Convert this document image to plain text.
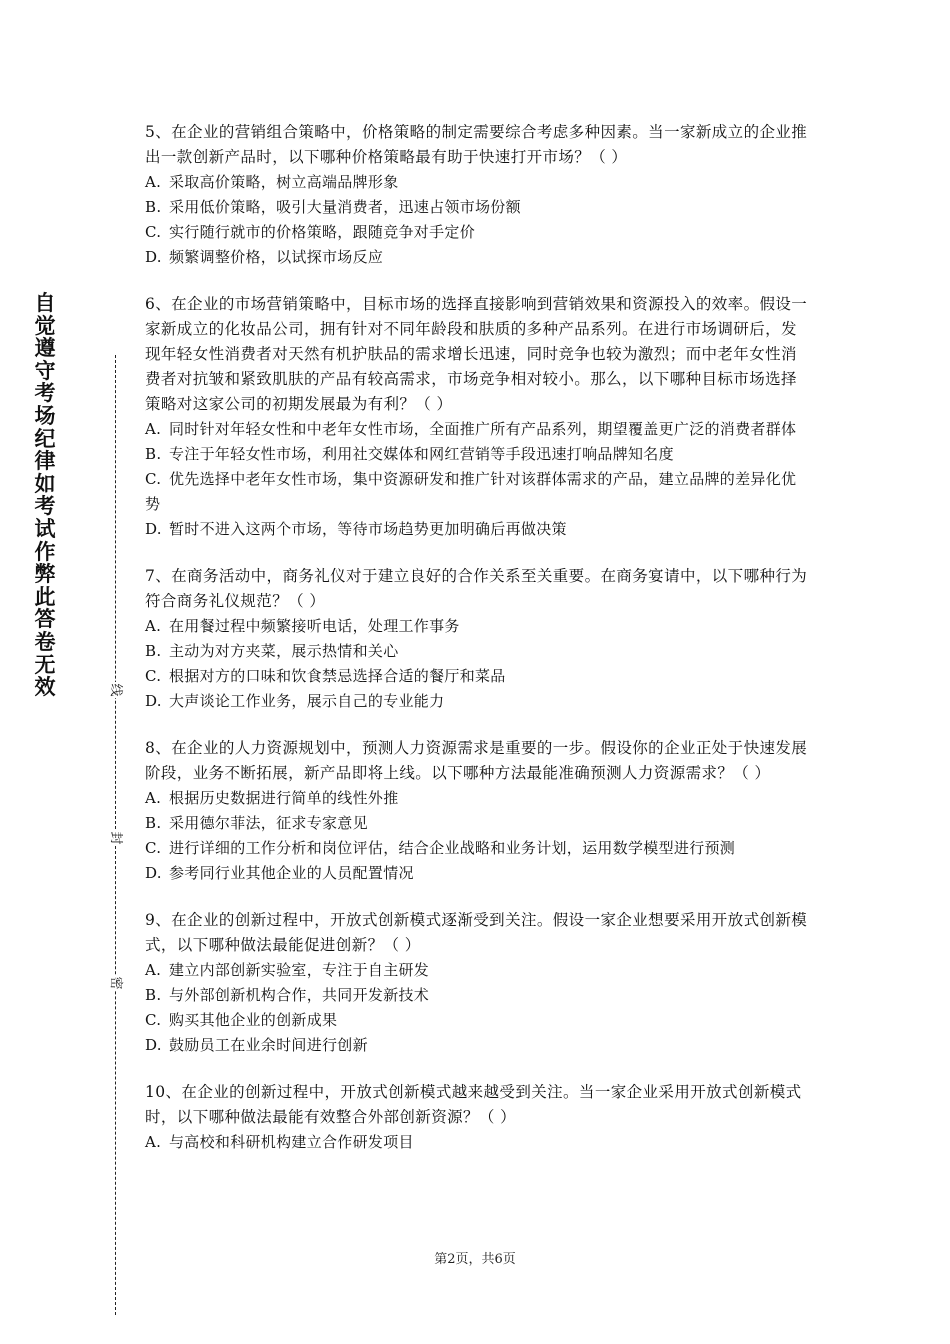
自觉遵守考场纪律如考试作弊此答卷无效	线
封
密

5、在企业的营销组合策略中，价格策略的制定需要综合考虑多种因素。当一家新成立的企业推出一款创新产品时，以下哪种价格策略最有助于快速打开市场？（ ）

A. 采取高价策略，树立高端品牌形象

B. 采用低价策略，吸引大量消费者，迅速占领市场份额

C. 实行随行就市的价格策略，跟随竞争对手定价

D. 频繁调整价格，以试探市场反应

6、在企业的市场营销策略中，目标市场的选择直接影响到营销效果和资源投入的效率。假设一家新成立的化妆品公司，拥有针对不同年龄段和肤质的多种产品系列。在进行市场调研后，发现年轻女性消费者对天然有机护肤品的需求增长迅速，同时竞争也较为激烈；而中老年女性消费者对抗皱和紧致肌肤的产品有较高需求，市场竞争相对较小。那么，以下哪种目标市场选择策略对这家公司的初期发展最为有利？（ ）

A. 同时针对年轻女性和中老年女性市场，全面推广所有产品系列，期望覆盖更广泛的消费者群体

B. 专注于年轻女性市场，利用社交媒体和网红营销等手段迅速打响品牌知名度

C. 优先选择中老年女性市场，集中资源研发和推广针对该群体需求的产品，建立品牌的差异化优势

D. 暂时不进入这两个市场，等待市场趋势更加明确后再做决策

7、在商务活动中，商务礼仪对于建立良好的合作关系至关重要。在商务宴请中，以下哪种行为符合商务礼仪规范？（ ）

A. 在用餐过程中频繁接听电话，处理工作事务

B. 主动为对方夹菜，展示热情和关心

C. 根据对方的口味和饮食禁忌选择合适的餐厅和菜品

D. 大声谈论工作业务，展示自己的专业能力

8、在企业的人力资源规划中，预测人力资源需求是重要的一步。假设你的企业正处于快速发展阶段，业务不断拓展，新产品即将上线。以下哪种方法最能准确预测人力资源需求？（ ）

A. 根据历史数据进行简单的线性外推

B. 采用德尔菲法，征求专家意见

C. 进行详细的工作分析和岗位评估，结合企业战略和业务计划，运用数学模型进行预测

D. 参考同行业其他企业的人员配置情况

9、在企业的创新过程中，开放式创新模式逐渐受到关注。假设一家企业想要采用开放式创新模式，以下哪种做法最能促进创新？（ ）

A. 建立内部创新实验室，专注于自主研发

B. 与外部创新机构合作，共同开发新技术

C. 购买其他企业的创新成果

D. 鼓励员工在业余时间进行创新

10、在企业的创新过程中，开放式创新模式越来越受到关注。当一家企业采用开放式创新模式时，以下哪种做法最能有效整合外部创新资源？（ ）

A. 与高校和科研机构建立合作研发项目

第2页，共6页
